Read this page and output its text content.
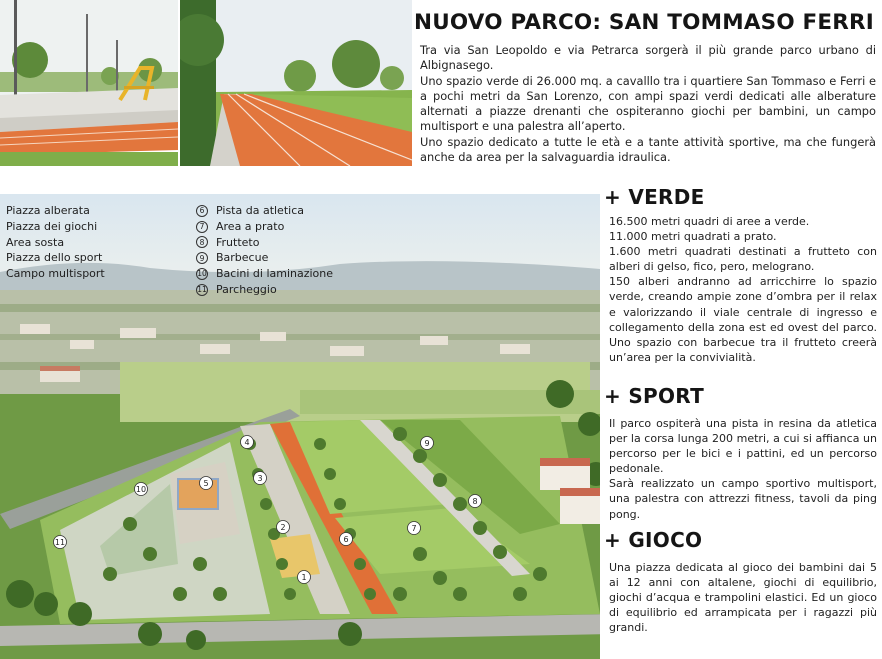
NUOVO PARCO: SAN TOMMASO FERRI

Tra via San Leopoldo e via Petrarca sorgerà il più grande parco urbano di Albignasego.

Uno spazio verde di 26.000 mq. a cavalllo tra i quartiere San Tommaso e Ferri e a pochi metri da San Lorenzo, con ampi spazi verdi dedicati alle alberature alternati a piazze drenanti che ospiteranno giochi per bambini, un campo multisport e una palestra all’aperto.

Uno spazio dedicato a tutte le età e a tante attività sportive, ma che fungerà anche da area per la salvaguardia idraulica.

1
2
3
4
5
6
7
8
9
10
11
Piazza alberata
Piazza dei giochi
Area sosta
Piazza dello sport
Campo multisport
6	Pista da atletica
7	Area a prato
8	Frutteto
9	Barbecue
10 Bacini di laminazione
11 Parcheggio
+ VERDE

16.500 metri quadri di aree a verde.

11.000 metri quadrati a prato.

1.600 metri quadrati destinati a frutteto con alberi di gelso, fico, pero, melograno.

150 alberi andranno ad arricchirre lo spazio verde, creando ampie zone d’ombra per il relax e valorizzando il viale centrale di ingresso e collegamento della zona est ed ovest del parco. Uno spazio con barbecue tra il frutteto creerà un’area per la convivialità.

+ SPORT

Il parco ospiterà una pista in resina da atletica per la corsa lunga 200 metri, a cui si affianca un percorso per le bici e i pattini, ed un percorso pedonale.

Sarà realizzato un campo sportivo multisport, una palestra con attrezzi fitness, tavoli da ping pong.

+ GIOCO

Una piazza dedicata al gioco dei bambini dai 5 ai 12 anni con altalene, giochi di equilibrio, giochi d’acqua e trampolini elastici. Ed un gioco di equilibrio ed arrampicata per i ragazzi più grandi.
